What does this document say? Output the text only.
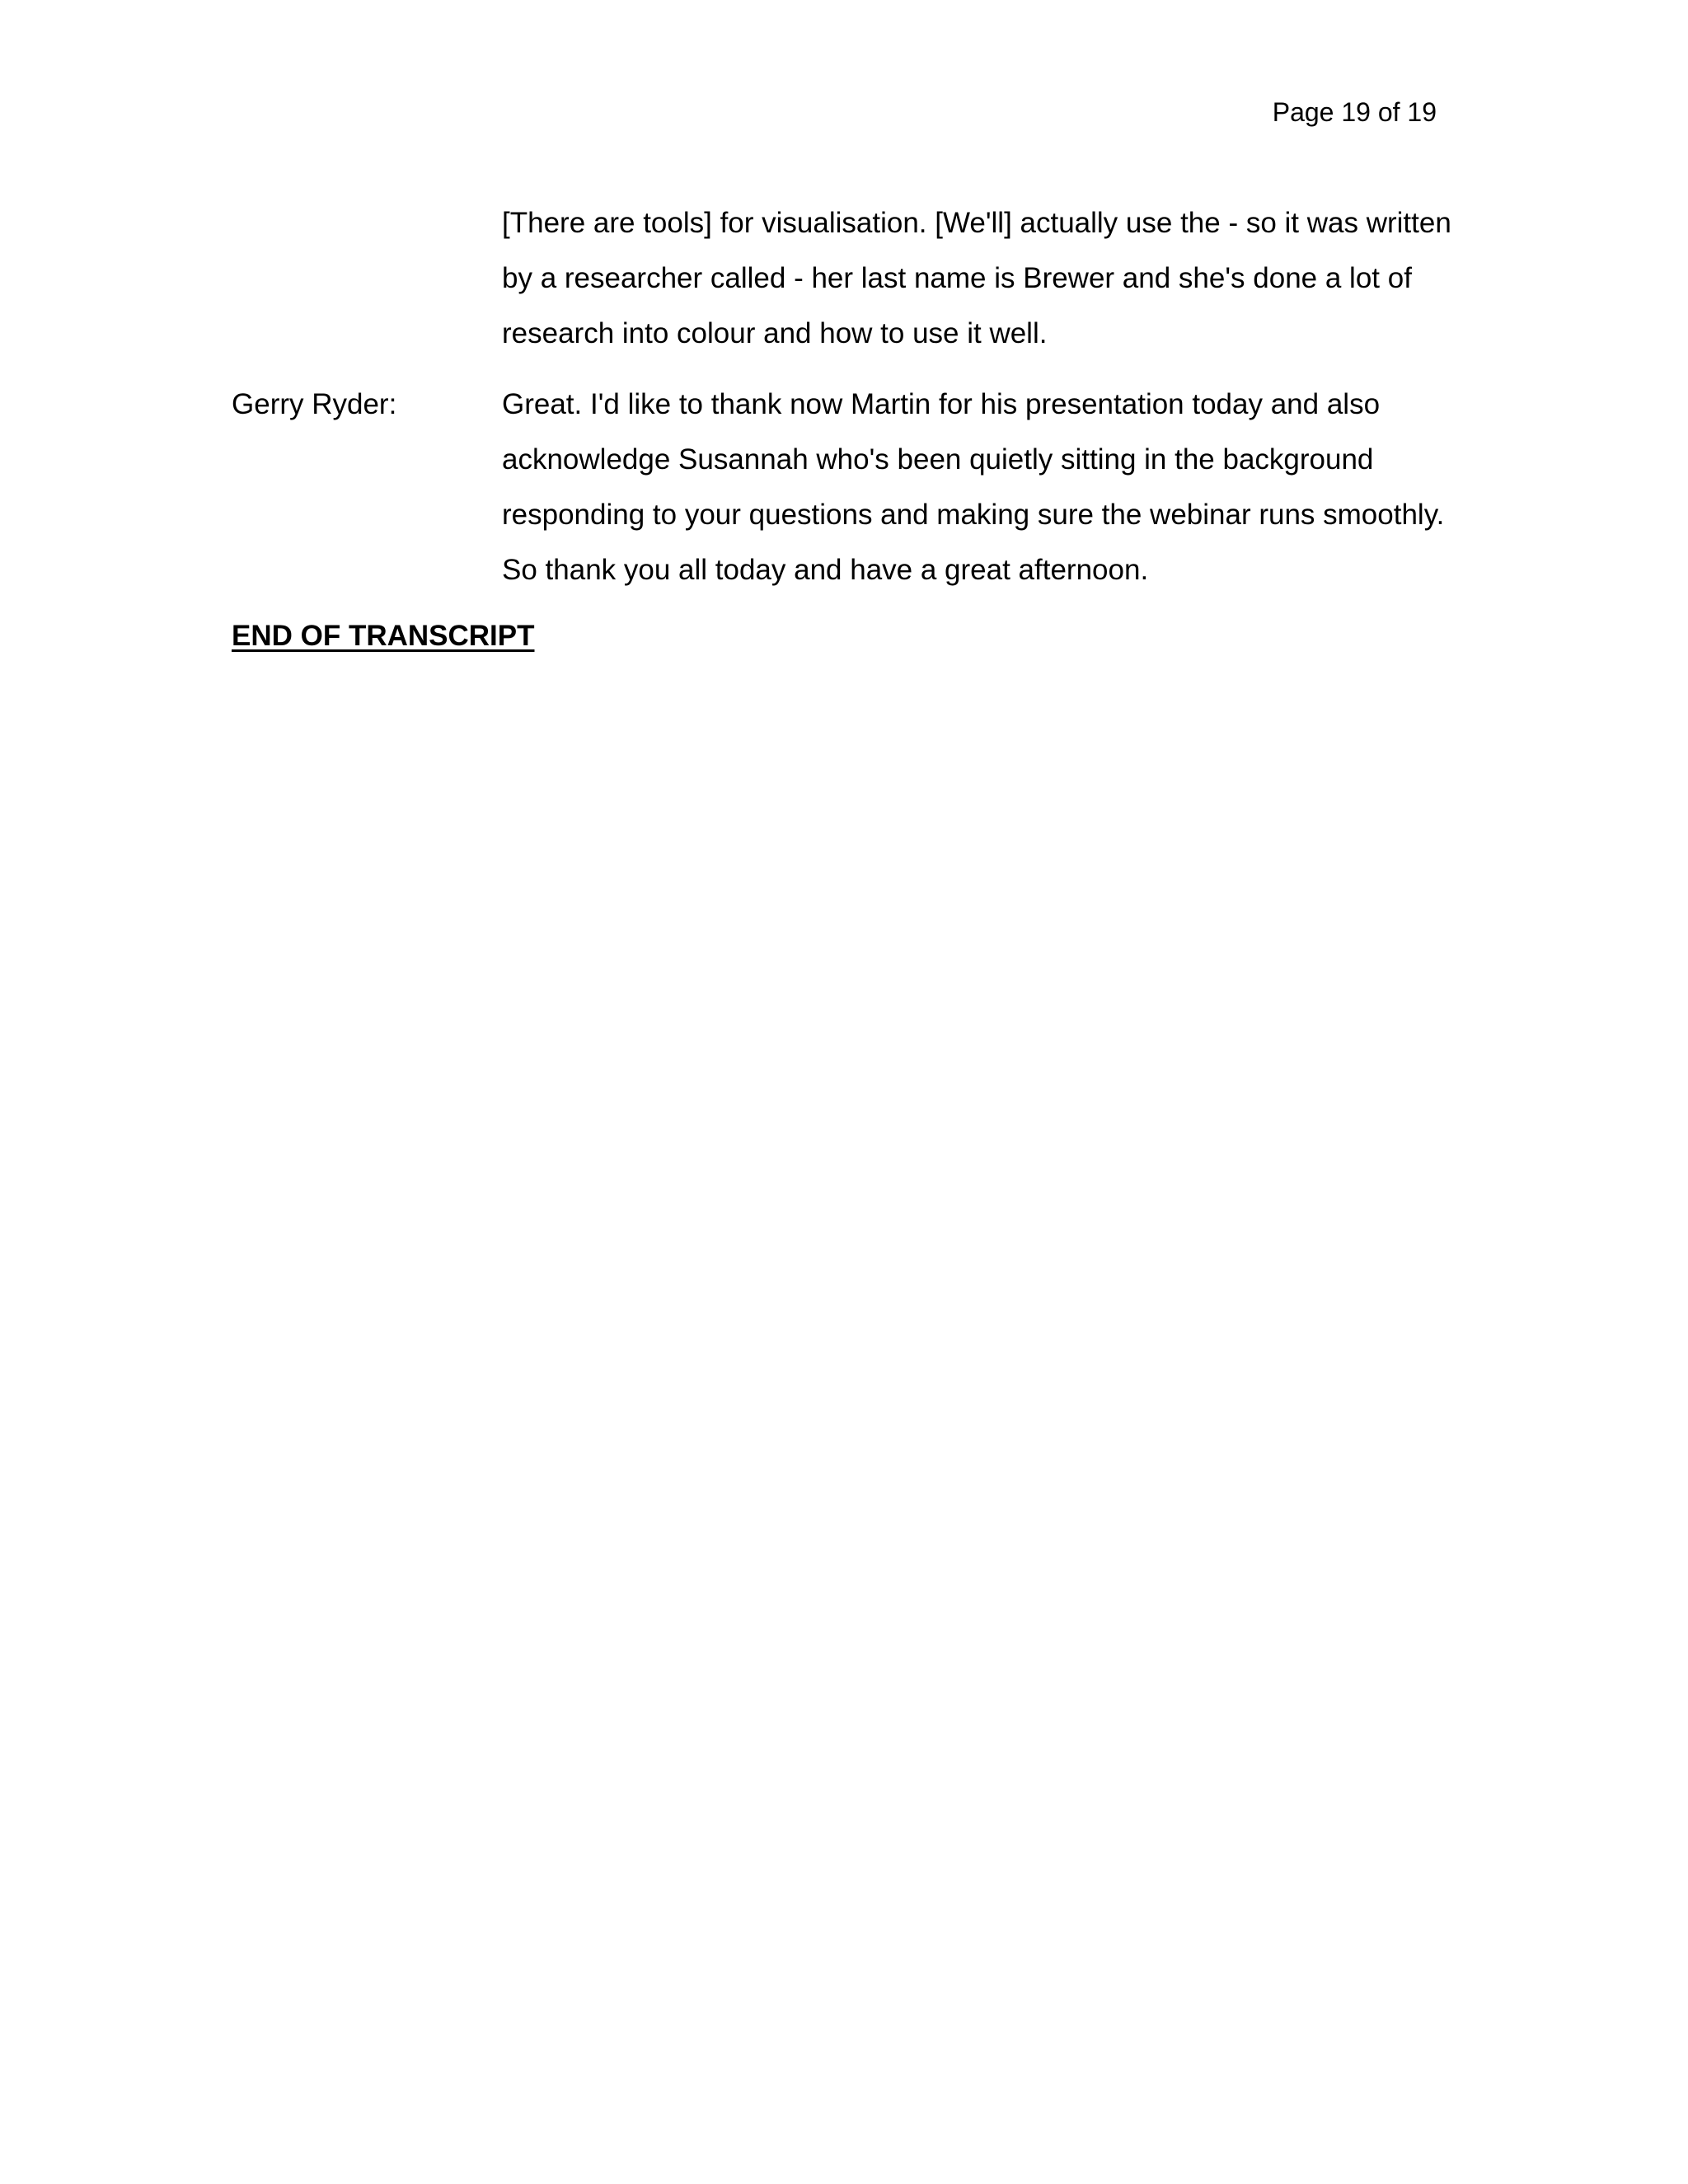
Page 19 of 19
[There are tools] for visualisation. [We'll] actually use the - so it was written
by a researcher called - her last name is Brewer and she's done a lot of
research into colour and how to use it well.
Gerry Ryder:	Great. I'd like to thank now Martin for his presentation today and also
acknowledge Susannah who's been quietly sitting in the background
responding to your questions and making sure the webinar runs smoothly.
So thank you all today and have a great afternoon.
END OF TRANSCRIPT
